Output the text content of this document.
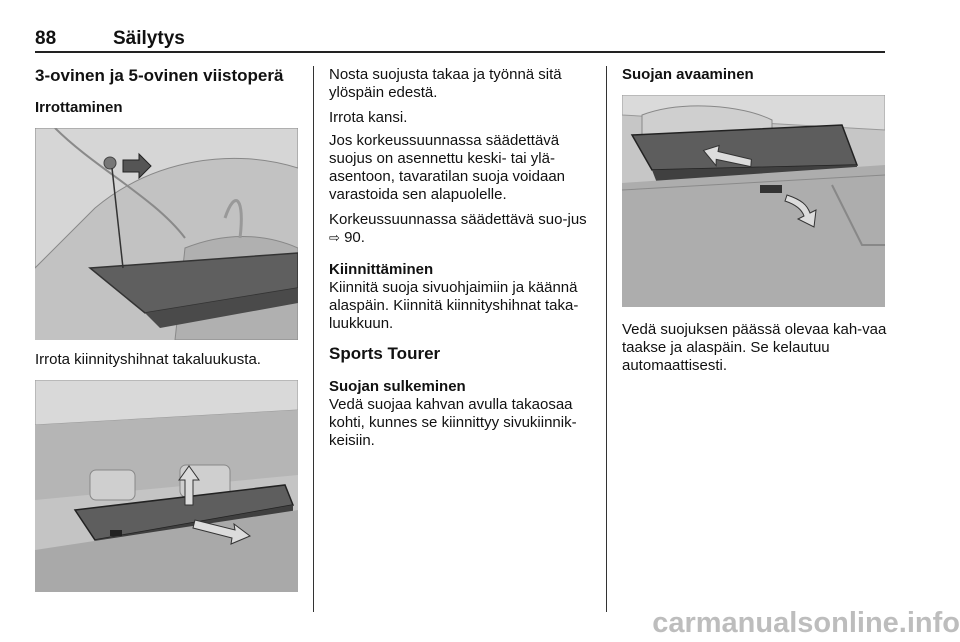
88	Säilytys
3-ovinen ja 5-ovinen viistoperä
Irrottaminen
Irrota kiinnityshihnat takaluukusta.
Nosta suojusta takaa ja työnnä sitä ylöspäin edestä.
Irrota kansi.
Jos korkeussuunnassa säädettävä suojus on asennettu keski- tai ylä-asentoon, tavaratilan suoja voidaan varastoida sen alapuolelle.
Korkeussuunnassa säädettävä suo-jus ⇨ 90.
Kiinnittäminen
Kiinnitä suoja sivuohjaimiin ja käännä alaspäin. Kiinnitä kiinnityshihnat taka-luukkuun.
Sports Tourer
Suojan sulkeminen
Vedä suojaa kahvan avulla takaosaa kohti, kunnes se kiinnittyy sivukiinnik-keisiin.
Suojan avaaminen
Vedä suojuksen päässä olevaa kah-vaa taakse ja alaspäin. Se kelautuu automaattisesti.
carmanualsonline.info
